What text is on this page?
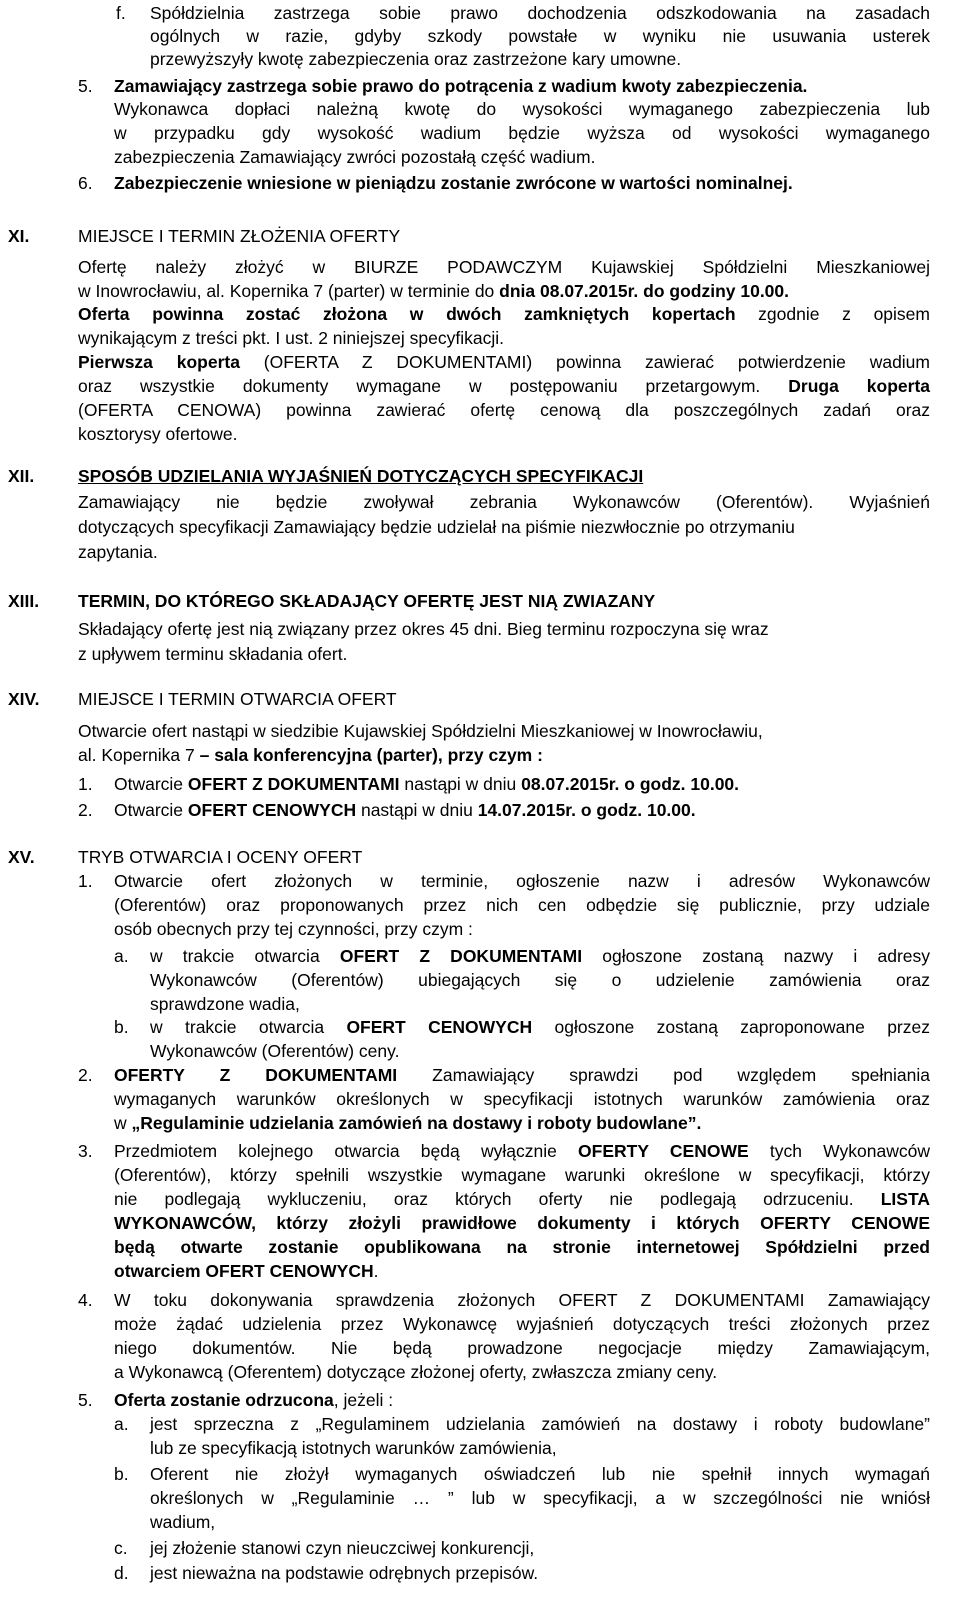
f. Spółdzielnia zastrzega sobie prawo dochodzenia odszkodowania na zasadach
ogólnych w razie, gdyby szkody powstałe w wyniku nie usuwania usterek
przewyższyły kwotę zabezpieczenia oraz zastrzeżone kary umowne.
5. Zamawiający zastrzega sobie prawo do potrącenia z wadium kwoty zabezpieczenia.
Wykonawca dopłaci należną kwotę do wysokości wymaganego zabezpieczenia lub
w przypadku gdy wysokość wadium będzie wyższa od wysokości wymaganego
zabezpieczenia Zamawiający zwróci pozostałą część wadium.
6. Zabezpieczenie wniesione w pieniądzu zostanie zwrócone w wartości nominalnej.
XI.	MIEJSCE I TERMIN ZŁOŻENIA OFERTY
Ofertę należy złożyć w BIURZE PODAWCZYM Kujawskiej Spółdzielni Mieszkaniowej
w Inowrocławiu, al. Kopernika 7 (parter) w terminie do dnia 08.07.2015r. do godziny 10.00.
Oferta powinna zostać złożona w dwóch zamkniętych kopertach zgodnie z opisem
wynikającym z treści pkt. I ust. 2 niniejszej specyfikacji.
Pierwsza koperta (OFERTA Z DOKUMENTAMI) powinna zawierać potwierdzenie wadium
oraz wszystkie dokumenty wymagane w postępowaniu przetargowym. Druga koperta
(OFERTA CENOWA) powinna zawierać ofertę cenową dla poszczególnych zadań oraz
kosztorysy ofertowe.
XII. SPOSÓB UDZIELANIA WYJAŚNIEŃ DOTYCZĄCYCH SPECYFIKACJI
Zamawiający nie będzie zwoływał zebrania Wykonawców (Oferentów). Wyjaśnień
dotyczących specyfikacji Zamawiający będzie udzielał na piśmie niezwłocznie po otrzymaniu
zapytania.
XIII. TERMIN, DO KTÓREGO SKŁADAJĄCY OFERTĘ JEST NIĄ ZWIAZANY
Składający ofertę jest nią związany przez okres 45 dni. Bieg terminu rozpoczyna się wraz
z upływem terminu składania ofert.
XIV. MIEJSCE I TERMIN OTWARCIA OFERT
Otwarcie ofert nastąpi w siedzibie Kujawskiej Spółdzielni Mieszkaniowej w Inowrocławiu,
al. Kopernika 7 – sala konferencyjna (parter), przy czym :
1. Otwarcie OFERT Z DOKUMENTAMI nastąpi w dniu 08.07.2015r. o godz. 10.00.
2. Otwarcie OFERT CENOWYCH nastąpi w dniu 14.07.2015r. o godz. 10.00.
XV. TRYB OTWARCIA I OCENY OFERT
1. Otwarcie ofert złożonych w terminie, ogłoszenie nazw i adresów Wykonawców
(Oferentów) oraz proponowanych przez nich cen odbędzie się publicznie, przy udziale
osób obecnych przy tej czynności, przy czym :
a. w trakcie otwarcia OFERT Z DOKUMENTAMI ogłoszone zostaną nazwy i adresy
Wykonawców (Oferentów) ubiegających się o udzielenie zamówienia oraz
sprawdzone wadia,
b. w trakcie otwarcia OFERT CENOWYCH ogłoszone zostaną zaproponowane przez
Wykonawców (Oferentów) ceny.
2. OFERTY Z DOKUMENTAMI Zamawiający sprawdzi pod względem spełniania
wymaganych warunków określonych w specyfikacji istotnych warunków zamówienia oraz
w „Regulaminie udzielania zamówień na dostawy i roboty budowlane”.
3. Przedmiotem kolejnego otwarcia będą wyłącznie OFERTY CENOWE tych Wykonawców
(Oferentów), którzy spełnili wszystkie wymagane warunki określone w specyfikacji, którzy
nie podlegają wykluczeniu, oraz których oferty nie podlegają odrzuceniu. LISTA
WYKONAWCÓW, którzy złożyli prawidłowe dokumenty i których OFERTY CENOWE
będą otwarte zostanie opublikowana na stronie internetowej Spółdzielni przed
otwarciem OFERT CENOWYCH.
4. W toku dokonywania sprawdzenia złożonych OFERT Z DOKUMENTAMI Zamawiający
może żądać udzielenia przez Wykonawcę wyjaśnień dotyczących treści złożonych przez
niego dokumentów. Nie będą prowadzone negocjacje między Zamawiającym,
a Wykonawcą (Oferentem) dotyczące złożonej oferty, zwłaszcza zmiany ceny.
5. Oferta zostanie odrzucona, jeżeli :
a. jest sprzeczna z „Regulaminem udzielania zamówień na dostawy i roboty budowlane”
lub ze specyfikacją istotnych warunków zamówienia,
b. Oferent nie złożył wymaganych oświadczeń lub nie spełnił innych wymagań
określonych w „Regulaminie … ” lub w specyfikacji, a w szczególności nie wniósł
wadium,
c. jej złożenie stanowi czyn nieuczciwej konkurencji,
d. jest nieważna na podstawie odrębnych przepisów.
